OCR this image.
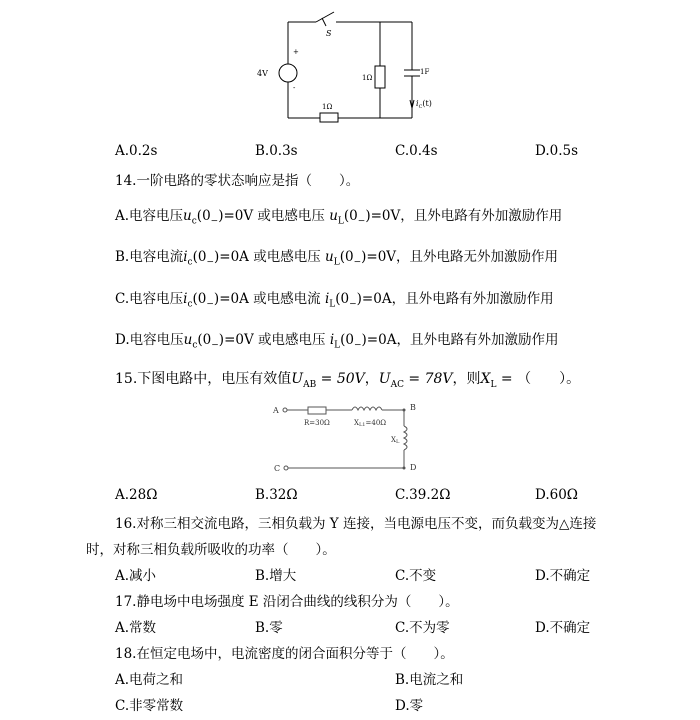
S
+
-
4V	1Ω
1Ω
1F
$i_C(t)$
A.0.2s	B.0.3s	C.0.4s	D.0.5s
14.一阶电路的零状态响应是指（　　）。
A.电容电压$u_c(0_-)=0V$ 或电感电压 $u_L(0_-)=0V$，且外电路有外加激励作用
B.电容电流$i_c(0_-)=0A$ 或电感电压 $u_L(0_-)=0V$，且外电路无外加激励作用
C.电容电压$i_c(0_-)=0A$ 或电感电流 $i_L(0_-)=0A$，且外电路有外加激励作用
D.电容电压$u_c(0_-)=0V$ 或电感电压 $i_L(0_-)=0A$，且外电路有外加激励作用
15.下图电路中，电压有效值$U_{AB} = 50V$，$U_{AC} = 78V$，则$X_L$ = （　　）。
A
C
B
D
R=30Ω	XL1=40Ω
XL
A.28Ω	B.32Ω	C.39.2Ω	D.60Ω
16.对称三相交流电路，三相负载为 Y 连接，当电源电压不变，而负载变为△连接
时，对称三相负载所吸收的功率（　　）。
A.减小	B.增大	C.不变	D.不确定
17.静电场中电场强度 E 沿闭合曲线的线积分为（　　）。
A.常数	B.零	C.不为零	D.不确定
18.在恒定电场中，电流密度的闭合面积分等于（　　）。
A.电荷之和	B.电流之和
C.非零常数	D.零
